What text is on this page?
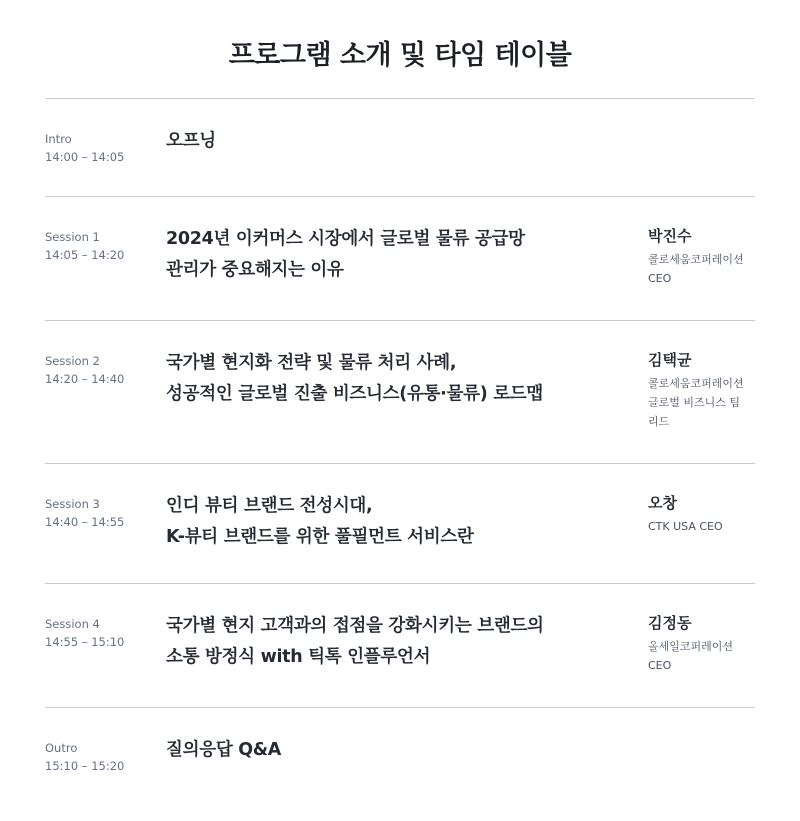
프로그램 소개 및 타임 테이블
Intro
14:00 – 14:05
오프닝
Session 1
14:05 – 14:20
2024년 이커머스 시장에서 글로벌 물류 공급망
관리가 중요해지는 이유
박진수
콜로세움코퍼레이션
CEO
Session 2
14:20 – 14:40
국가별 현지화 전략 및 물류 처리 사례,
성공적인 글로벌 진출 비즈니스(유통·물류) 로드맵
김택균
콜로세움코퍼레이션
글로벌 비즈니스 팀
리드
Session 3
14:40 – 14:55
인디 뷰티 브랜드 전성시대,
K-뷰티 브랜드를 위한 풀필먼트 서비스란
오창
CTK USA CEO
Session 4
14:55 – 15:10
국가별 현지 고객과의 접점을 강화시키는 브랜드의
소통 방정식 with 틱톡 인플루언서
김정동
올세일코퍼레이션
CEO
Outro
15:10 – 15:20
질의응답 Q&A
